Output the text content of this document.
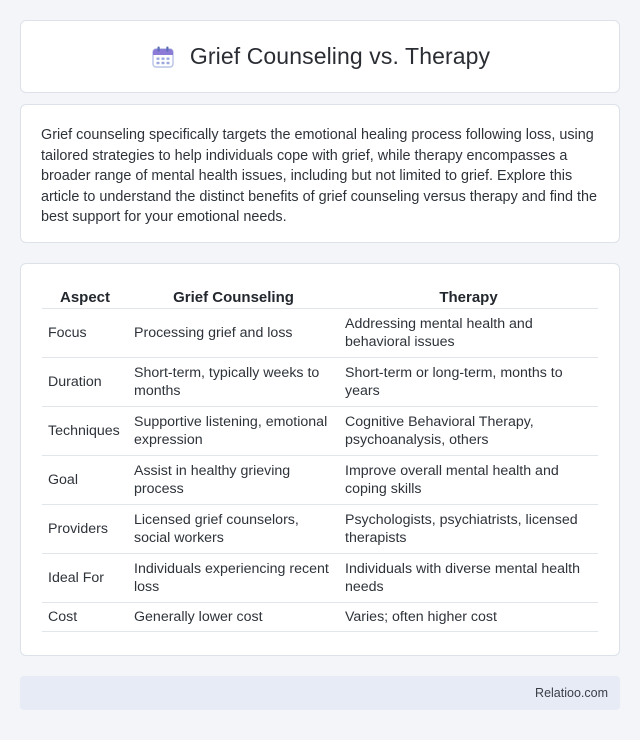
Grief Counseling vs. Therapy

Grief counseling specifically targets the emotional healing process following loss, using tailored strategies to help individuals cope with grief, while therapy encompasses a broader range of mental health issues, including but not limited to grief. Explore this article to understand the distinct benefits of grief counseling versus therapy and find the best support for your emotional needs.

Aspect	Grief Counseling	Therapy
Focus	Processing grief and loss	Addressing mental health and behavioral issues
Duration	Short-term, typically weeks to months	Short-term or long-term, months to years
Techniques	Supportive listening, emotional expression	Cognitive Behavioral Therapy, psychoanalysis, others
Goal	Assist in healthy grieving process	Improve overall mental health and coping skills
Providers	Licensed grief counselors, social workers	Psychologists, psychiatrists, licensed therapists
Ideal For	Individuals experiencing recent loss	Individuals with diverse mental health needs
Cost	Generally lower cost	Varies; often higher cost
Relatioo.com
